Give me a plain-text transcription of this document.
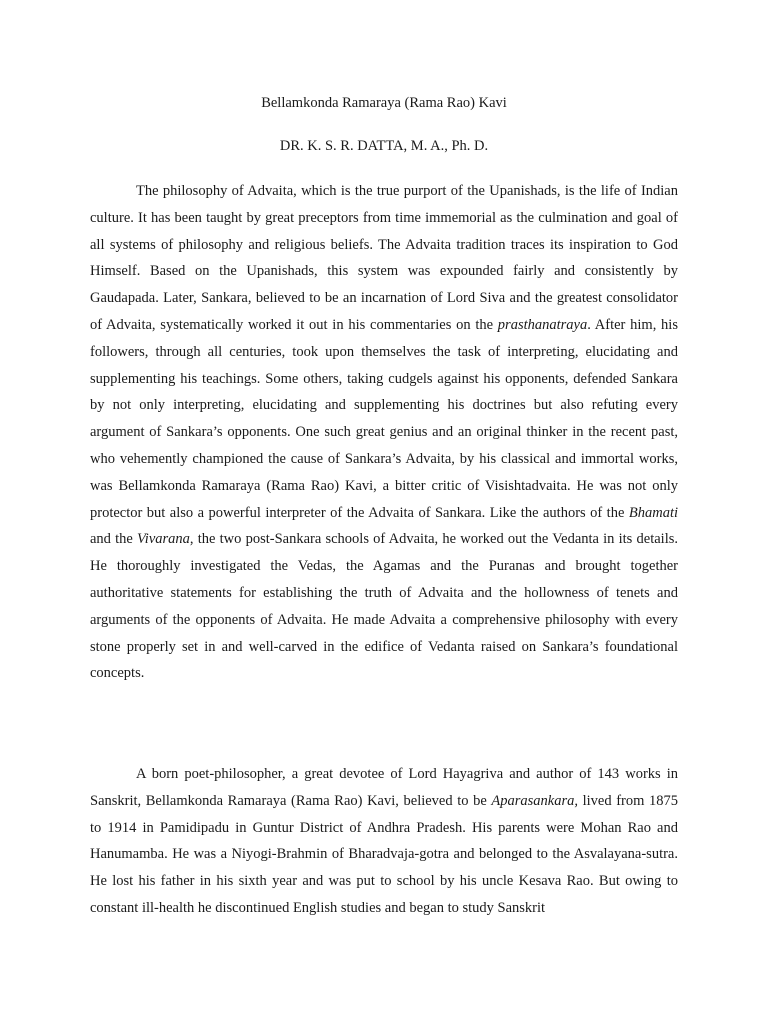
Bellamkonda Ramaraya (Rama Rao) Kavi

DR. K. S. R. DATTA, M. A., Ph. D.

The philosophy of Advaita, which is the true purport of the Upanishads, is the life of Indian culture. It has been taught by great preceptors from time immemorial as the culmination and goal of all systems of philosophy and religious beliefs. The Advaita tradition traces its inspiration to God Himself. Based on the Upanishads, this system was expounded fairly and consistently by Gaudapada. Later, Sankara, believed to be an incarnation of Lord Siva and the greatest consolidator of Advaita, systematically worked it out in his commentaries on the prasthanatraya. After him, his followers, through all centuries, took upon themselves the task of interpreting, elucidating and supplementing his teachings. Some others, taking cudgels against his opponents, defended Sankara by not only interpreting, elucidating and supplementing his doctrines but also refuting every argument of Sankara’s opponents. One such great genius and an original thinker in the recent past, who vehemently championed the cause of Sankara’s Advaita, by his classical and immortal works, was Bellamkonda Ramaraya (Rama Rao) Kavi, a bitter critic of Visishtadvaita. He was not only protector but also a powerful interpreter of the Advaita of Sankara. Like the authors of the Bhamati and the Vivarana, the two post-Sankara schools of Advaita, he worked out the Vedanta in its details. He thoroughly investigated the Vedas, the Agamas and the Puranas and brought together authoritative statements for establishing the truth of Advaita and the hollowness of tenets and arguments of the opponents of Advaita. He made Advaita a comprehensive philosophy with every stone properly set in and well-carved in the edifice of Vedanta raised on Sankara’s foundational concepts.

A born poet-philosopher, a great devotee of Lord Hayagriva and author of 143 works in Sanskrit, Bellamkonda Ramaraya (Rama Rao) Kavi, believed to be Aparasankara, lived from 1875 to 1914 in Pamidipadu in Guntur District of Andhra Pradesh. His parents were Mohan Rao and Hanumamba. He was a Niyogi-Brahmin of Bharadvaja-gotra and belonged to the Asvalayana-sutra. He lost his father in his sixth year and was put to school by his uncle Kesava Rao. But owing to constant ill-health he discontinued English studies and began to study Sanskrit
